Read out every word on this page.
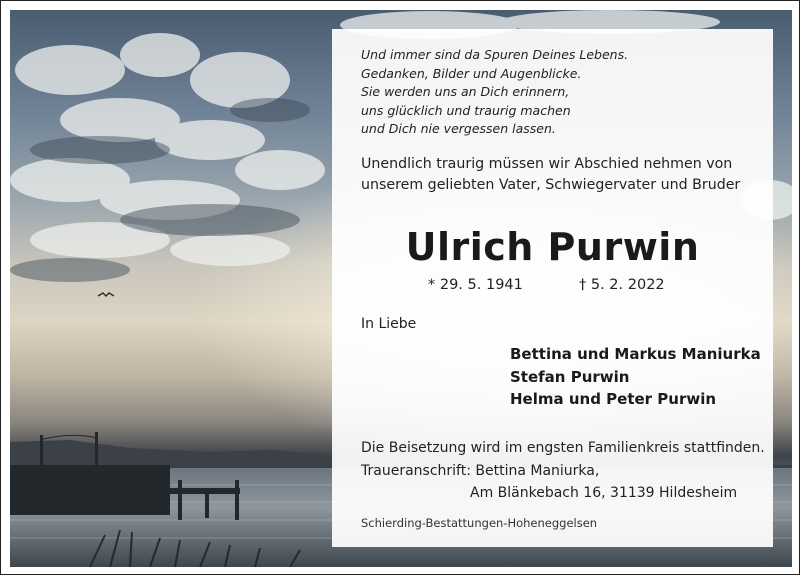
Und immer sind da Spuren Deines Lebens.
Gedanken, Bilder und Augenblicke.
Sie werden uns an Dich erinnern,
uns glücklich und traurig machen
und Dich nie vergessen lassen.
Unendlich traurig müssen wir Abschied nehmen von
unserem geliebten Vater, Schwiegervater und Bruder
Ulrich Purwin
* 29. 5. 1941	† 5. 2. 2022
In Liebe
Bettina und Markus Maniurka
Stefan Purwin
Helma und Peter Purwin
Die Beisetzung wird im engsten Familienkreis stattfinden.
Traueranschrift: Bettina Maniurka,
Am Blänkebach 16, 31139 Hildesheim
Schierding-Bestattungen-Hoheneggelsen
